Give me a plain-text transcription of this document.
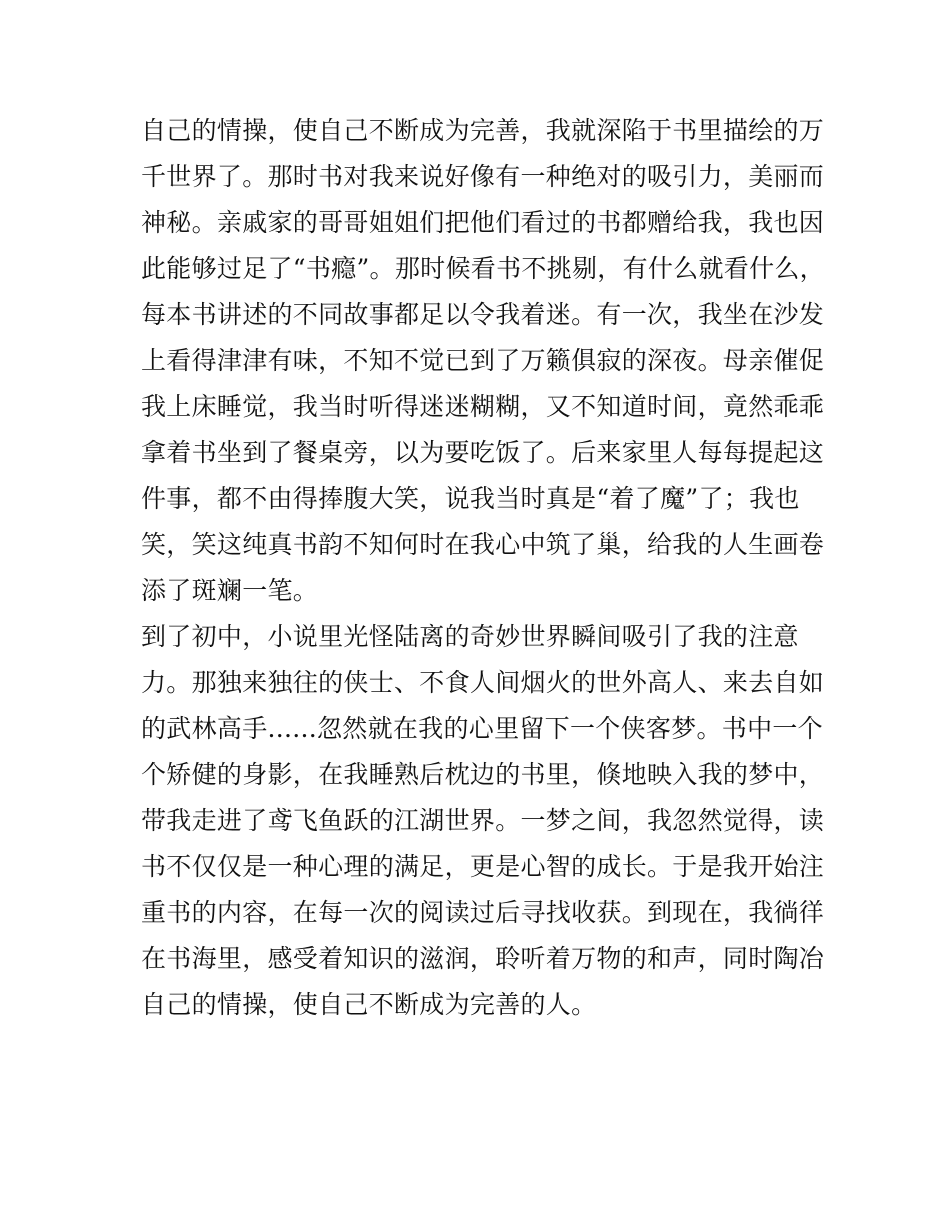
自己的情操，使自己不断成为完善，我就深陷于书里描绘的万
千世界了。那时书对我来说好像有一种绝对的吸引力，美丽而
神秘。亲戚家的哥哥姐姐们把他们看过的书都赠给我，我也因
此能够过足了“书瘾”。那时候看书不挑剔，有什么就看什么，
每本书讲述的不同故事都足以令我着迷。有一次，我坐在沙发
上看得津津有味，不知不觉已到了万籁俱寂的深夜。母亲催促
我上床睡觉，我当时听得迷迷糊糊，又不知道时间，竟然乖乖
拿着书坐到了餐桌旁，以为要吃饭了。后来家里人每每提起这
件事，都不由得捧腹大笑，说我当时真是“着了魔”了；我也
笑，笑这纯真书韵不知何时在我心中筑了巢，给我的人生画卷
添了斑斓一笔。
到了初中，小说里光怪陆离的奇妙世界瞬间吸引了我的注意
力。那独来独往的侠士、不食人间烟火的世外高人、来去自如
的武林高手......忽然就在我的心里留下一个侠客梦。书中一个
个矫健的身影，在我睡熟后枕边的书里，倏地映入我的梦中，
带我走进了鸢飞鱼跃的江湖世界。一梦之间，我忽然觉得，读
书不仅仅是一种心理的满足，更是心智的成长。于是我开始注
重书的内容，在每一次的阅读过后寻找收获。到现在，我徜徉
在书海里，感受着知识的滋润，聆听着万物的和声，同时陶冶
自己的情操，使自己不断成为完善的人。
